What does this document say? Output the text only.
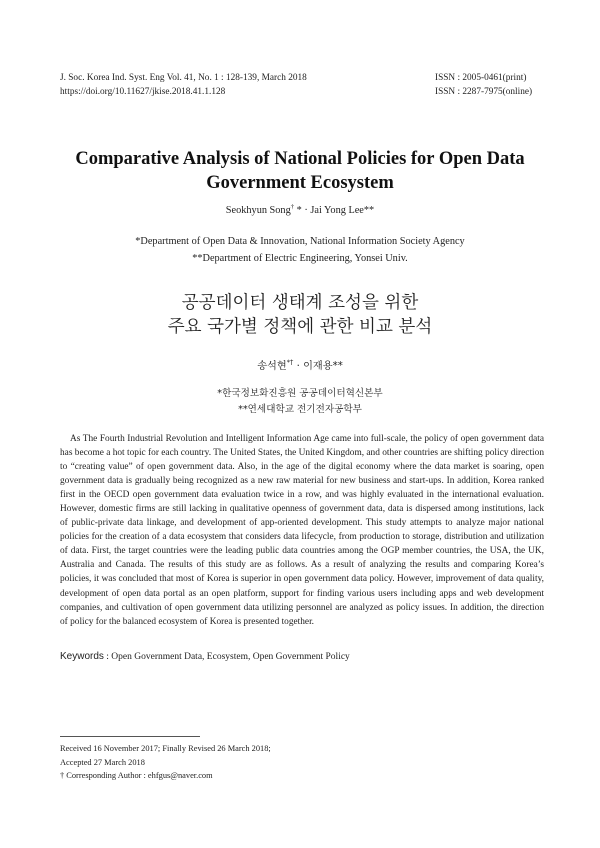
J. Soc. Korea Ind. Syst. Eng Vol. 41, No. 1 : 128-139, March 2018
https://doi.org/10.11627/jkise.2018.41.1.128
ISSN : 2005-0461(print)
ISSN : 2287-7975(online)
Comparative Analysis of National Policies for Open Data
Government Ecosystem
Seokhyun Song† * · Jai Yong Lee**
*Department of Open Data & Innovation, National Information Society Agency
**Department of Electric Engineering, Yonsei Univ.
공공데이터 생태계 조성을 위한
주요 국가별 정책에 관한 비교 분석
송석현*† · 이재용**
*한국정보화진흥원 공공데이터혁신본부
**연세대학교 전기전자공학부

As The Fourth Industrial Revolution and Intelligent Information Age came into full-scale, the policy of open government data has become a hot topic for each country. The United States, the United Kingdom, and other countries are shifting policy direction to “creating value” of open government data. Also, in the age of the digital economy where the data market is soaring, open government data is gradually being recognized as a new raw material for new business and start-ups. In addition, Korea ranked first in the OECD open government data evaluation twice in a row, and was highly evaluated in the international evaluation. However, domestic firms are still lacking in qualitative openness of government data, data is dispersed among institutions, lack of public-private data linkage, and development of app-oriented development. This study attempts to analyze major national policies for the creation of a data ecosystem that considers data lifecycle, from production to storage, distribution and utilization of data. First, the target countries were the leading public data countries among the OGP member countries, the USA, the UK, Australia and Canada. The results of this study are as follows. As a result of analyzing the results and comparing Korea’s policies, it was concluded that most of Korea is superior in open government data policy. However, improvement of data quality, development of open data portal as an open platform, support for finding various users including apps and web development companies, and cultivation of open government data utilizing personnel are analyzed as policy issues. In addition, the direction of policy for the balanced ecosystem of Korea is presented together.

Keywords : Open Government Data, Ecosystem, Open Government Policy
Received 16 November 2017; Finally Revised 26 March 2018;
Accepted 27 March 2018
† Corresponding Author : ehfgus@naver.com
